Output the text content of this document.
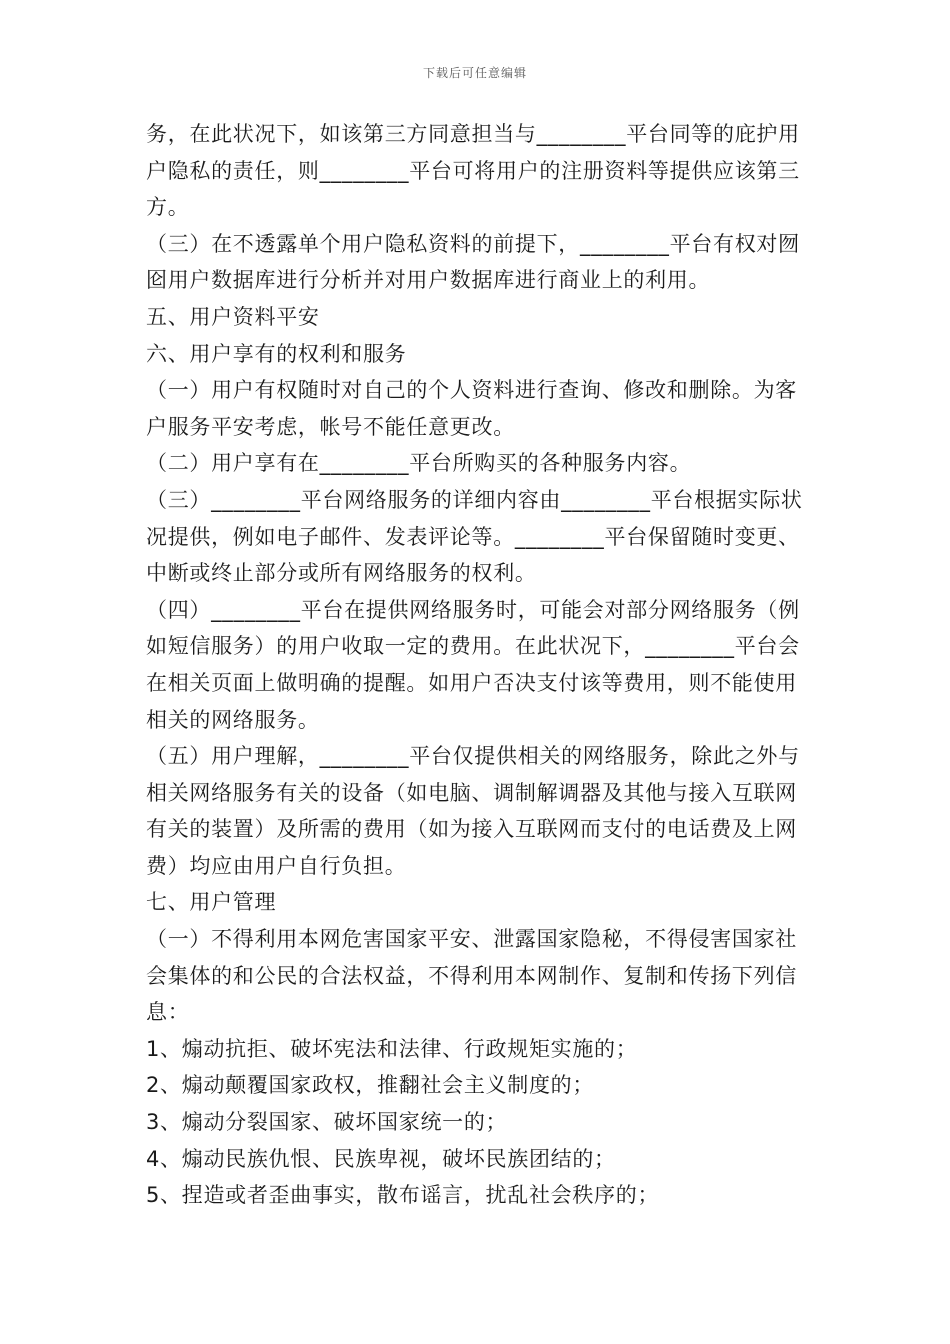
下载后可任意编辑

务，在此状况下，如该第三方同意担当与________平台同等的庇护用户隐私的责任，则________平台可将用户的注册资料等提供应该第三方。

（三）在不透露单个用户隐私资料的前提下，________平台有权对囫囵用户数据库进行分析并对用户数据库进行商业上的利用。

五、用户资料平安

六、用户享有的权利和服务

（一）用户有权随时对自己的个人资料进行查询、修改和删除。为客户服务平安考虑，帐号不能任意更改。

（二）用户享有在________平台所购买的各种服务内容。

（三）________平台网络服务的详细内容由________平台根据实际状况提供，例如电子邮件、发表评论等。________平台保留随时变更、中断或终止部分或所有网络服务的权利。

（四）________平台在提供网络服务时，可能会对部分网络服务（例如短信服务）的用户收取一定的费用。在此状况下，________平台会在相关页面上做明确的提醒。如用户否决支付该等费用，则不能使用相关的网络服务。

（五）用户理解，________平台仅提供相关的网络服务，除此之外与相关网络服务有关的设备（如电脑、调制解调器及其他与接入互联网有关的装置）及所需的费用（如为接入互联网而支付的电话费及上网费）均应由用户自行负担。

七、用户管理

（一）不得利用本网危害国家平安、泄露国家隐秘，不得侵害国家社会集体的和公民的合法权益，不得利用本网制作、复制和传扬下列信息：

1、煽动抗拒、破坏宪法和法律、行政规矩实施的；

2、煽动颠覆国家政权，推翻社会主义制度的；

3、煽动分裂国家、破坏国家统一的；

4、煽动民族仇恨、民族卑视，破坏民族团结的；

5、捏造或者歪曲事实，散布谣言，扰乱社会秩序的；
